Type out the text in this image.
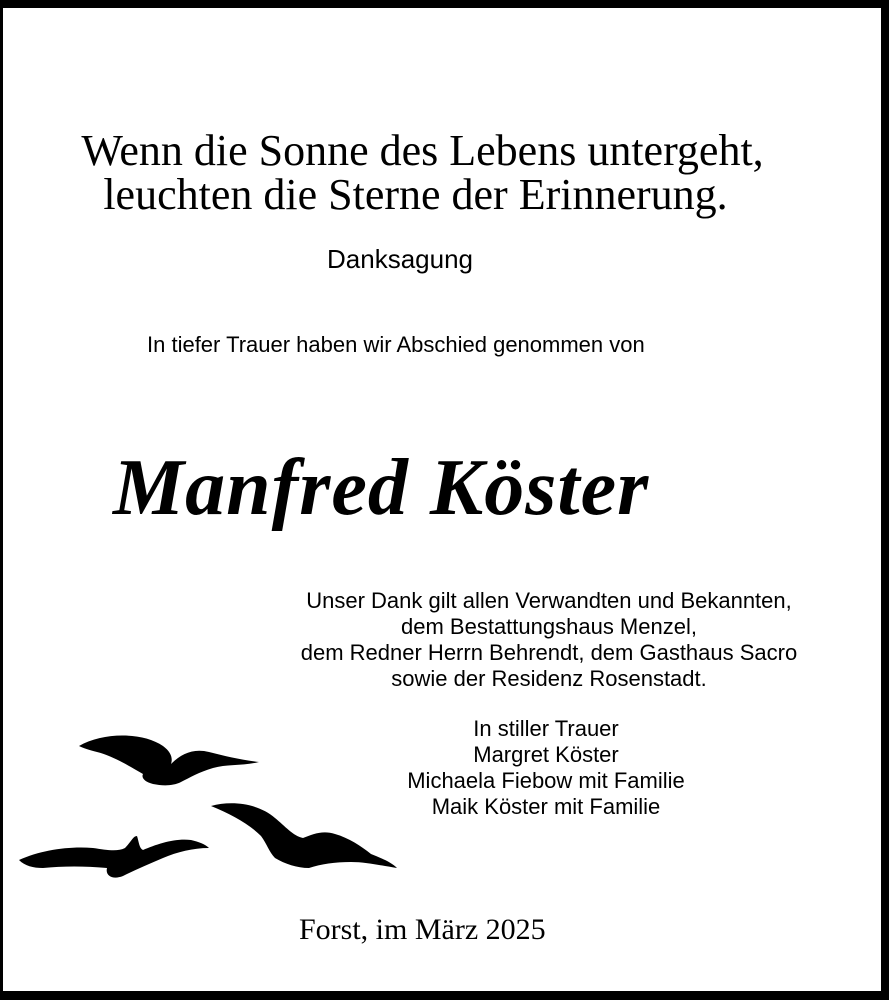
Wenn die Sonne des Lebens untergeht,
leuchten die Sterne der Erinnerung.
Danksagung
In tiefer Trauer haben wir Abschied genommen von
Manfred Köster
Unser Dank gilt allen Verwandten und Bekannten,
dem Bestattungshaus Menzel,
dem Redner Herrn Behrendt, dem Gasthaus Sacro
sowie der Residenz Rosenstadt.
In stiller Trauer
Margret Köster
Michaela Fiebow mit Familie
Maik Köster mit Familie
Forst, im März 2025
